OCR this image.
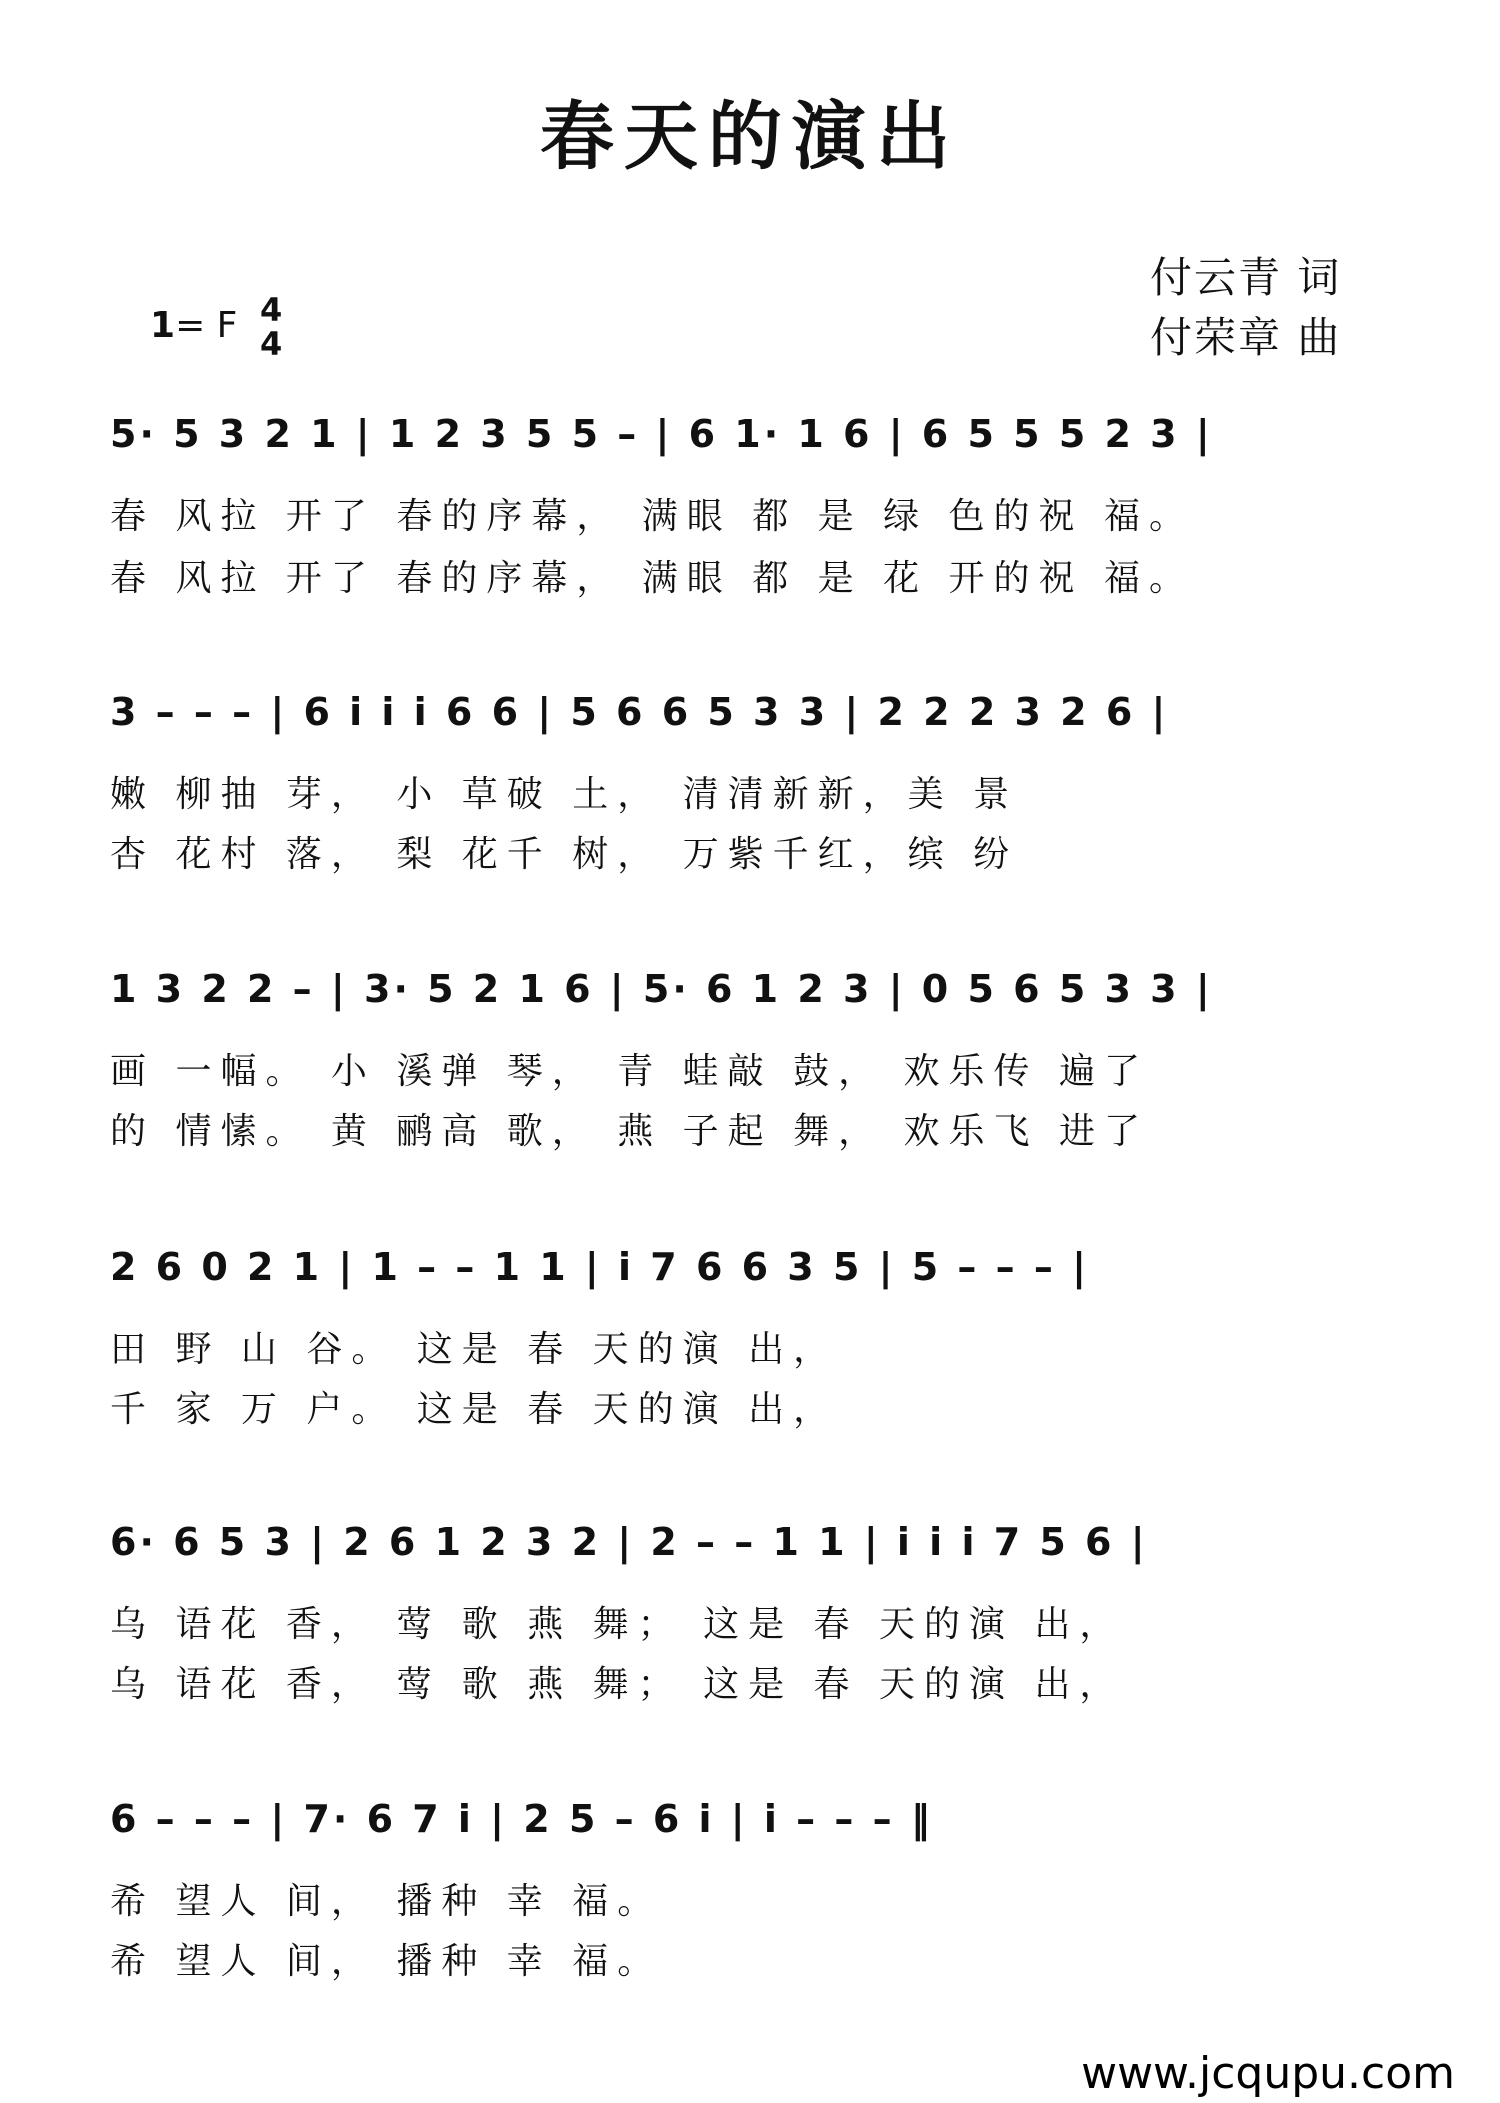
春天的演出
付云青 词
付荣章 曲
1= F 4
4
5· 5 3 2 1 | 1 2 3 5 5 – | 6 1· 1 6 | 6 5 5 5 2 3 |
春 风拉 开了 春的序幕， 满眼 都 是 绿 色的祝 福。
春 风拉 开了 春的序幕， 满眼 都 是 花 开的祝 福。
3 – – – | 6 i i i 6 6 | 5 6 6 5 3 3 | 2 2 2 3 2 6 |
嫩 柳抽 芽， 小 草破 土， 清清新新，美 景
杏 花村 落， 梨 花千 树， 万紫千红，缤 纷
1 3 2 2 – | 3· 5 2 1 6 | 5· 6 1 2 3 | 0 5 6 5 3 3 |
画 一幅。 小 溪弹 琴， 青 蛙敲 鼓， 欢乐传 遍了
的 情愫。 黄 鹂高 歌， 燕 子起 舞， 欢乐飞 进了
2 6 0 2 1 | 1 – – 1 1 | i 7 6 6 3 5 | 5 – – – |
田 野 山 谷。 这是 春 天的演 出，
千 家 万 户。 这是 春 天的演 出，
6· 6 5 3 | 2 6 1 2 3 2 | 2 – – 1 1 | i i i 7 5 6 |
乌 语花 香， 莺 歌 燕 舞； 这是 春 天的演 出，
乌 语花 香， 莺 歌 燕 舞； 这是 春 天的演 出，
6 – – – | 7· 6 7 i | 2 5 – 6 i | i – – – ‖
希 望人 间， 播种 幸 福。
希 望人 间， 播种 幸 福。
www.jcqupu.com
